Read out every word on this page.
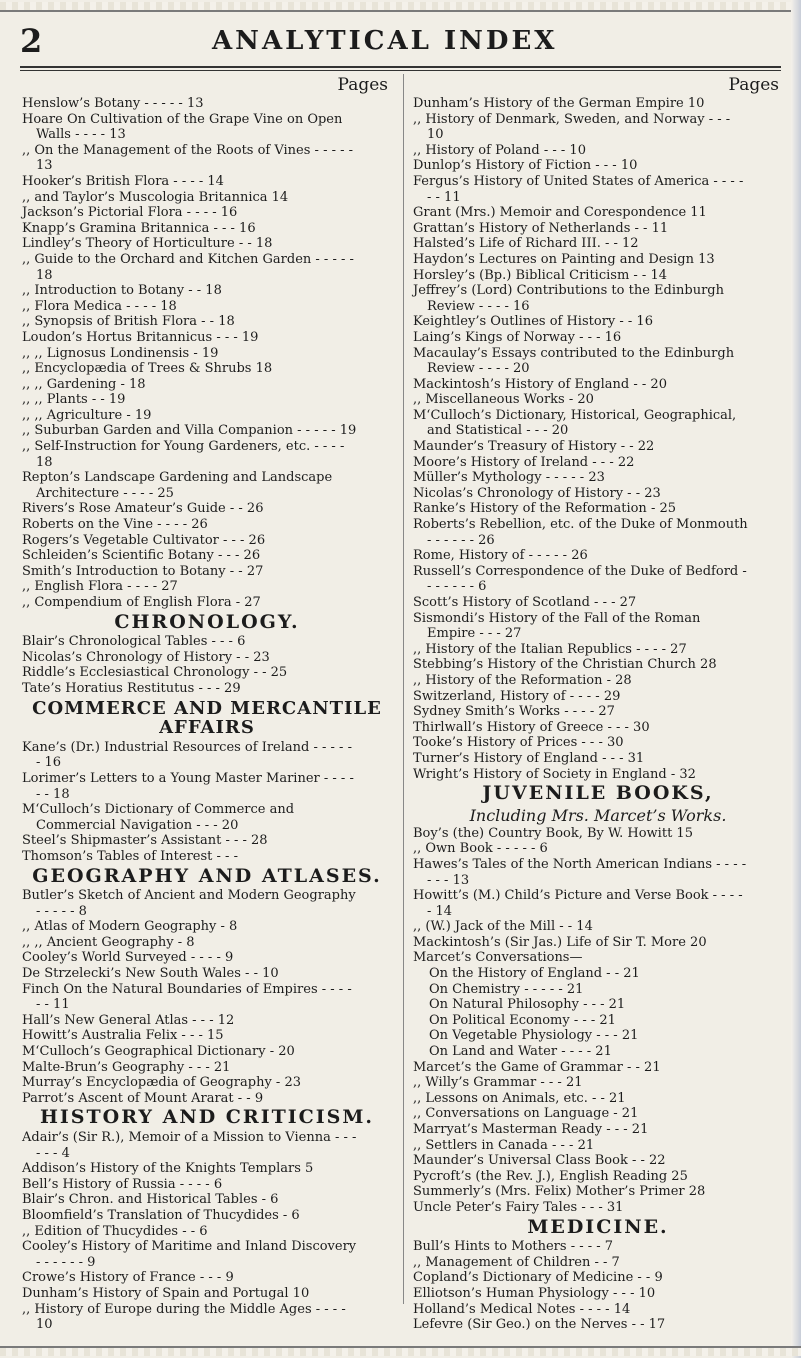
2	ANALYTICAL INDEX
Pages
Henslow’s Botany - - - - - 13
Hoare On Cultivation of the Grape Vine on Open Walls - - - - 13
,, On the Management of the Roots of Vines - - - - - 13
Hooker’s British Flora - - - - 14
,, and Taylor’s Muscologia Britannica 14
Jackson’s Pictorial Flora - - - - 16
Knapp’s Gramina Britannica - - - 16
Lindley’s Theory of Horticulture - - 18
,, Guide to the Orchard and Kitchen Garden - - - - - 18
,, Introduction to Botany - - 18
,, Flora Medica - - - - 18
,, Synopsis of British Flora - - 18
Loudon’s Hortus Britannicus - - - 19
,, ,, Lignosus Londinensis - 19
,, Encyclopædia of Trees & Shrubs 18
,, ,, Gardening - 18
,, ,, Plants - - 19
,, ,, Agriculture - 19
,, Suburban Garden and Villa Companion - - - - - 19
,, Self-Instruction for Young Gardeners, etc. - - - - 18
Repton’s Landscape Gardening and Landscape Architecture - - - - 25
Rivers’s Rose Amateur’s Guide - - 26
Roberts on the Vine - - - - 26
Rogers’s Vegetable Cultivator - - - 26
Schleiden’s Scientific Botany - - - 26
Smith’s Introduction to Botany - - 27
,, English Flora - - - - 27
,, Compendium of English Flora - 27
CHRONOLOGY.
Blair’s Chronological Tables - - - 6
Nicolas’s Chronology of History - - 23
Riddle’s Ecclesiastical Chronology - - 25
Tate’s Horatius Restitutus - - - 29
COMMERCE AND MERCANTILE AFFAIRS
Kane’s (Dr.) Industrial Resources of Ireland - - - - - - 16
Lorimer’s Letters to a Young Master Mariner - - - - - - 18
M‘Culloch’s Dictionary of Commerce and Commercial Navigation - - - 20
Steel’s Shipmaster’s Assistant - - - 28
Thomson’s Tables of Interest - - -
GEOGRAPHY AND ATLASES.
Butler’s Sketch of Ancient and Modern Geography - - - - - 8
,, Atlas of Modern Geography - 8
,, ,, Ancient Geography - 8
Cooley’s World Surveyed - - - - 9
De Strzelecki’s New South Wales - - 10
Finch On the Natural Boundaries of Empires - - - - - - 11
Hall’s New General Atlas - - - 12
Howitt’s Australia Felix - - - 15
M‘Culloch’s Geographical Dictionary - 20
Malte-Brun’s Geography - - - 21
Murray’s Encyclopædia of Geography - 23
Parrot’s Ascent of Mount Ararat - - 9
HISTORY AND CRITICISM.
Adair’s (Sir R.), Memoir of a Mission to Vienna - - - - - - 4
Addison’s History of the Knights Templars 5
Bell’s History of Russia - - - - 6
Blair’s Chron. and Historical Tables - 6
Bloomfield’s Translation of Thucydides - 6
,, Edition of Thucydides - - 6
Cooley’s History of Maritime and Inland Discovery - - - - - - 9
Crowe’s History of France - - - 9
Dunham’s History of Spain and Portugal 10
,, History of Europe during the Middle Ages - - - - 10
Pages
Dunham’s History of the German Empire 10
,, History of Denmark, Sweden, and Norway - - - 10
,, History of Poland - - - 10
Dunlop’s History of Fiction - - - 10
Fergus’s History of United States of America - - - - - - 11
Grant (Mrs.) Memoir and Corespondence 11
Grattan’s History of Netherlands - - 11
Halsted’s Life of Richard III. - - 12
Haydon’s Lectures on Painting and Design 13
Horsley’s (Bp.) Biblical Criticism - - 14
Jeffrey’s (Lord) Contributions to the Edinburgh Review - - - - 16
Keightley’s Outlines of History - - 16
Laing’s Kings of Norway - - - 16
Macaulay’s Essays contributed to the Edinburgh Review - - - - 20
Mackintosh’s History of England - - 20
,, Miscellaneous Works - 20
M‘Culloch’s Dictionary, Historical, Geographical, and Statistical - - - 20
Maunder’s Treasury of History - - 22
Moore’s History of Ireland - - - 22
Müller’s Mythology - - - - - 23
Nicolas’s Chronology of History - - 23
Ranke’s History of the Reformation - 25
Roberts’s Rebellion, etc. of the Duke of Monmouth - - - - - - 26
Rome, History of - - - - - 26
Russell’s Correspondence of the Duke of Bedford - - - - - - - 6
Scott’s History of Scotland - - - 27
Sismondi’s History of the Fall of the Roman Empire - - - 27
,, History of the Italian Republics - - - - 27
Stebbing’s History of the Christian Church 28
,, History of the Reformation - 28
Switzerland, History of - - - - 29
Sydney Smith’s Works - - - - 27
Thirlwall’s History of Greece - - - 30
Tooke’s History of Prices - - - 30
Turner’s History of England - - - 31
Wright’s History of Society in England - 32
JUVENILE BOOKS,
Including Mrs. Marcet’s Works.
Boy’s (the) Country Book, By W. Howitt 15
,, Own Book - - - - - 6
Hawes’s Tales of the North American Indians - - - - - - - 13
Howitt’s (M.) Child’s Picture and Verse Book - - - - - 14
,, (W.) Jack of the Mill - - 14
Mackintosh’s (Sir Jas.) Life of Sir T. More 20
Marcet’s Conversations—
On the History of England - - 21
On Chemistry - - - - - 21
On Natural Philosophy - - - 21
On Political Economy - - - 21
On Vegetable Physiology - - - 21
On Land and Water - - - - 21
Marcet’s the Game of Grammar - - 21
,, Willy’s Grammar - - - 21
,, Lessons on Animals, etc. - - 21
,, Conversations on Language - 21
Marryat’s Masterman Ready - - - 21
,, Settlers in Canada - - - 21
Maunder’s Universal Class Book - - 22
Pycroft’s (the Rev. J.), English Reading 25
Summerly’s (Mrs. Felix) Mother’s Primer 28
Uncle Peter’s Fairy Tales - - - 31
MEDICINE.
Bull’s Hints to Mothers - - - - 7
,, Management of Children - - 7
Copland’s Dictionary of Medicine - - 9
Elliotson’s Human Physiology - - - 10
Holland’s Medical Notes - - - - 14
Lefevre (Sir Geo.) on the Nerves - - 17
